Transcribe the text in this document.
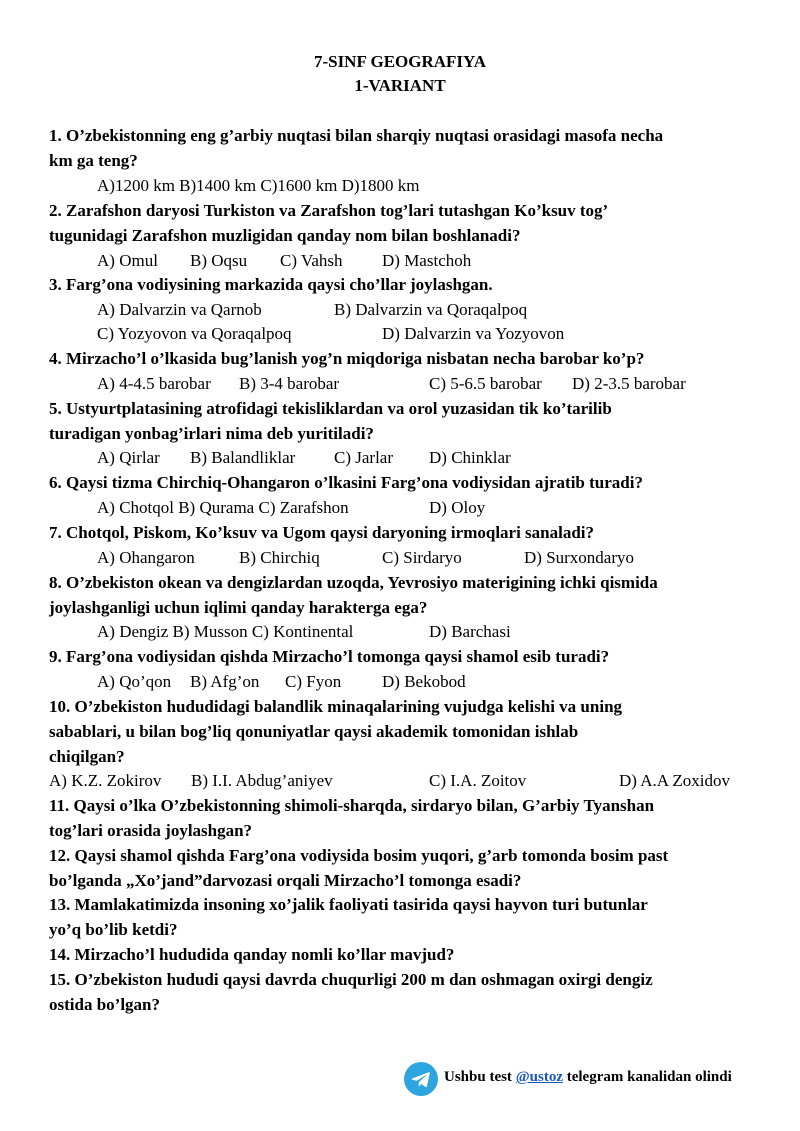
7-SINF GEOGRAFIYA
1-VARIANT
1. O’zbekistonning eng g’arbiy nuqtasi bilan sharqiy nuqtasi orasidagi masofa necha
km ga teng?
A)1200 km B)1400 km C)1600 km D)1800 km
2. Zarafshon daryosi Turkiston va Zarafshon tog’lari tutashgan Ko’ksuv tog’
tugunidagi Zarafshon muzligidan qanday nom bilan boshlanadi?
A) Omul B) Oqsu C) Vahsh D) Mastchoh
3. Farg’ona vodiysining markazida qaysi cho’llar joylashgan.
A) Dalvarzin va Qarnob	B) Dalvarzin va Qoraqalpoq
C) Yozyovon va Qoraqalpoq	D) Dalvarzin va Yozyovon
4. Mirzacho’l o’lkasida bug’lanish yog’n miqdoriga nisbatan necha barobar ko’p?
A) 4-4.5 barobar B) 3-4 barobar	C) 5-6.5 barobar D) 2-3.5 barobar
5. Ustyurtplatasining atrofidagi tekisliklardan va orol yuzasidan tik ko’tarilib
turadigan yonbag’irlari nima deb yuritiladi?
A) Qirlar B) Balandliklar C) Jarlar D) Chinklar
6. Qaysi tizma Chirchiq-Ohangaron o’lkasini Farg’ona vodiysidan ajratib turadi?
A) Chotqol B) Qurama C) Zarafshon	D) Oloy
7. Chotqol, Piskom, Ko’ksuv va Ugom qaysi daryoning irmoqlari sanaladi?
A) Ohangaron	B) Chirchiq	C) Sirdaryo	D) Surxondaryo
8. O’zbekiston okean va dengizlardan uzoqda, Yevrosiyo materigining ichki qismida
joylashganligi uchun iqlimi qanday harakterga ega?
A) Dengiz B) Musson C) Kontinental	D) Barchasi
9. Farg’ona vodiysidan qishda Mirzacho’l tomonga qaysi shamol esib turadi?
A) Qo’qon B) Afg’on C) Fyon D) Bekobod
10. O’zbekiston hududidagi balandlik minaqalarining vujudga kelishi va uning
sabablari, u bilan bog’liq qonuniyatlar qaysi akademik tomonidan ishlab
chiqilgan?
A) K.Z. Zokirov B) I.I. Abdug’aniyev	C) I.A. Zoitov	D) A.A Zoxidov
11. Qaysi o’lka O’zbekistonning shimoli-sharqda, sirdaryo bilan, G’arbiy Tyanshan
tog’lari orasida joylashgan?
12. Qaysi shamol qishda Farg’ona vodiysida bosim yuqori, g’arb tomonda bosim past
bo’lganda „Xo’jand”darvozasi orqali Mirzacho’l tomonga esadi?
13. Mamlakatimizda insoning xo’jalik faoliyati tasirida qaysi hayvon turi butunlar
yo’q bo’lib ketdi?
14. Mirzacho’l hududida qanday nomli ko’llar mavjud?
15. O’zbekiston hududi qaysi davrda chuqurligi 200 m dan oshmagan oxirgi dengiz
ostida bo’lgan?
Ushbu test @ustoz telegram kanalidan olindi
